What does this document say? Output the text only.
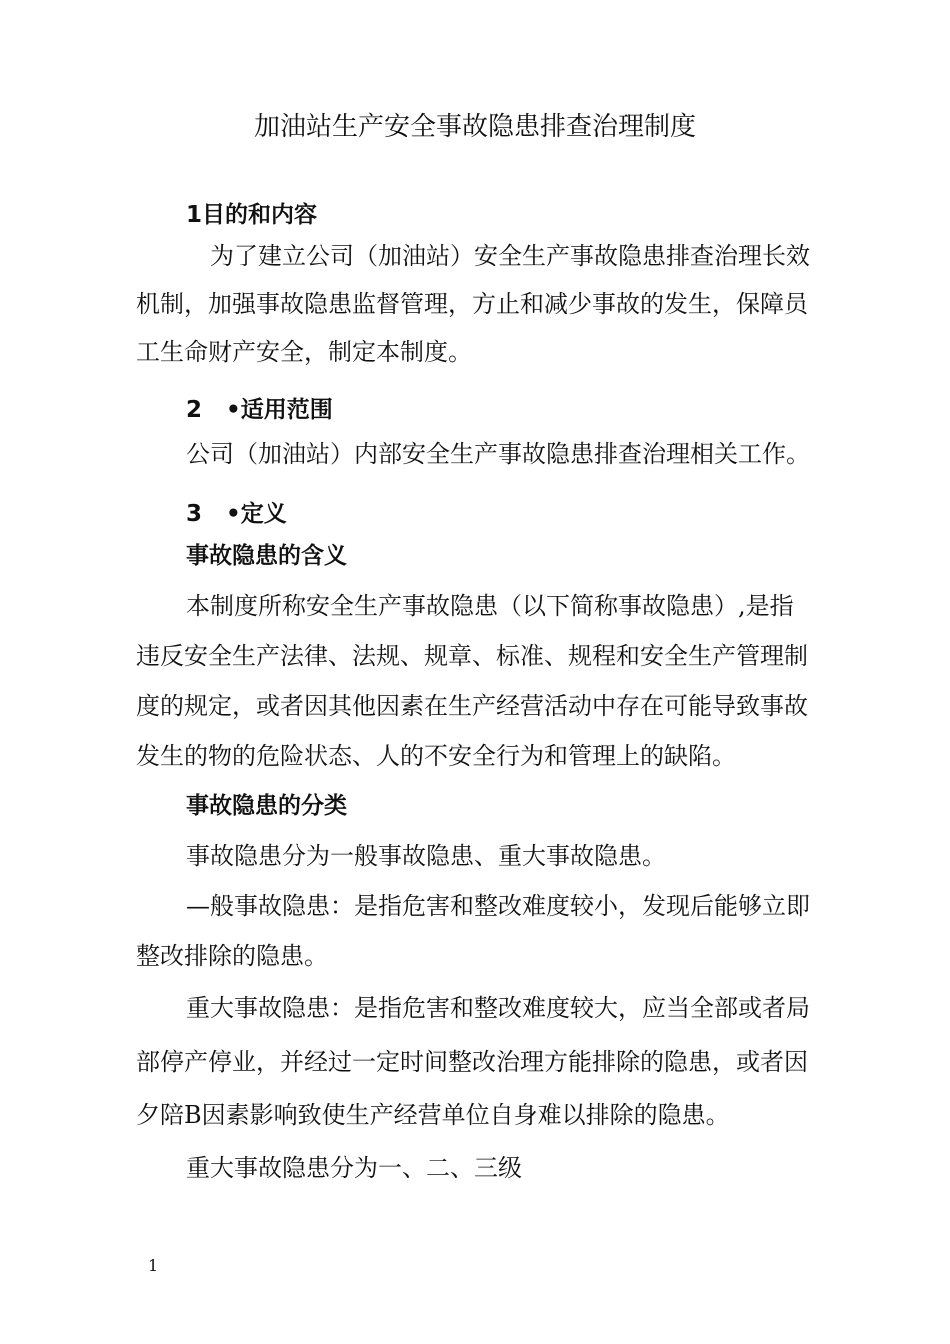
加油站生产安全事故隐患排查治理制度
1目的和内容
为了建立公司（加油站）安全生产事故隐患排查治理长效
机制，加强事故隐患监督管理，方止和减少事故的发生，保障员
工生命财产安全，制定本制度。
2 •适用范围
公司（加油站）内部安全生产事故隐患排查治理相关工作。
3 •定义
事故隐患的含义
本制度所称安全生产事故隐患（以下简称事故隐患）,是指
违反安全生产法律、法规、规章、标准、规程和安全生产管理制
度的规定，或者因其他因素在生产经营活动中存在可能导致事故
发生的物的危险状态、人的不安全行为和管理上的缺陷。
事故隐患的分类
事故隐患分为一般事故隐患、重大事故隐患。
—般事故隐患：是指危害和整改难度较小，发现后能够立即
整改排除的隐患。
重大事故隐患：是指危害和整改难度较大，应当全部或者局
部停产停业，并经过一定时间整改治理方能排除的隐患，或者因
夕陪B因素影响致使生产经营单位自身难以排除的隐患。
重大事故隐患分为一、二、三级
1
